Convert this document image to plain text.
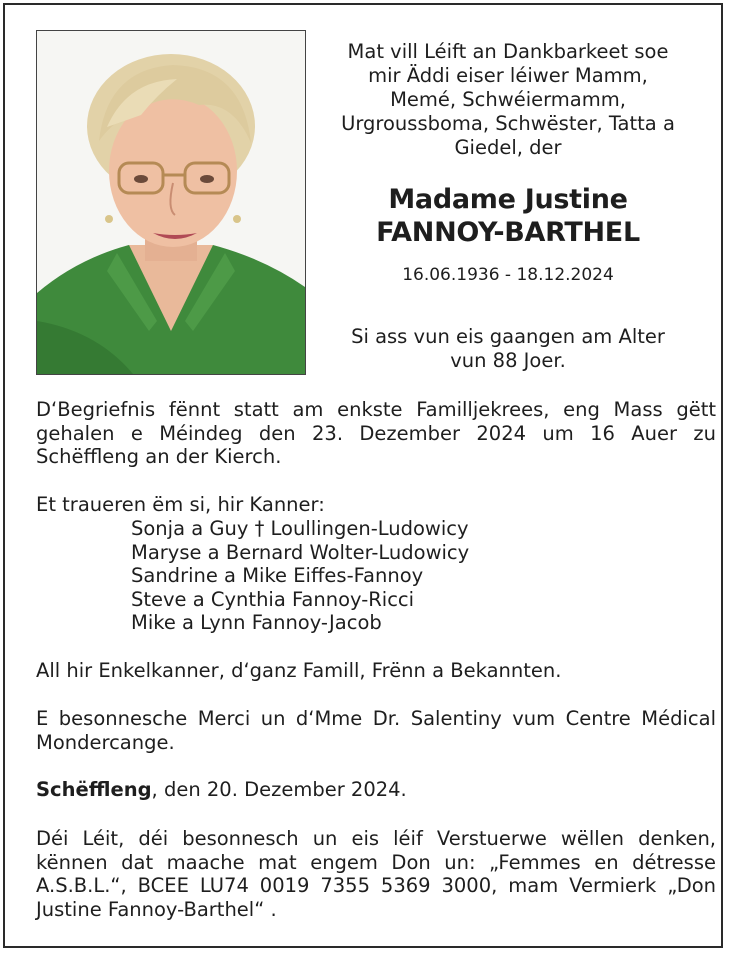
Mat vill Léift an Dankbarkeet soe
mir Äddi eiser léiwer Mamm,
Memé, Schwéiermamm,
Urgroussboma, Schwëster, Tatta a
Giedel, der
Madame Justine
FANNOY-BARTHEL
16.06.1936 - 18.12.2024
Si ass vun eis gaangen am Alter
vun 88 Joer.
D‘Begriefnis fënnt statt am enkste Familljekrees, eng Mass gëtt gehalen e Méindeg den 23. Dezember 2024 um 16 Auer zu Schëffleng an der Kierch.
Et traueren ëm si, hir Kanner:
Sonja a Guy † Loullingen-Ludowicy
Maryse a Bernard Wolter-Ludowicy
Sandrine a Mike Eiffes-Fannoy
Steve a Cynthia Fannoy-Ricci
Mike a Lynn Fannoy-Jacob
All hir Enkelkanner, d‘ganz Famill, Frënn a Bekannten.
E besonnesche Merci un d‘Mme Dr. Salentiny vum Centre Médical Mondercange.
Schëffleng, den 20. Dezember 2024.
Déi Léit, déi besonnesch un eis léif Verstuerwe wëllen denken, kënnen dat maache mat engem Don un: „Femmes en détresse A.S.B.L.“, BCEE LU74 0019 7355 5369 3000, mam Vermierk „Don Justine Fannoy-Barthel“ .
